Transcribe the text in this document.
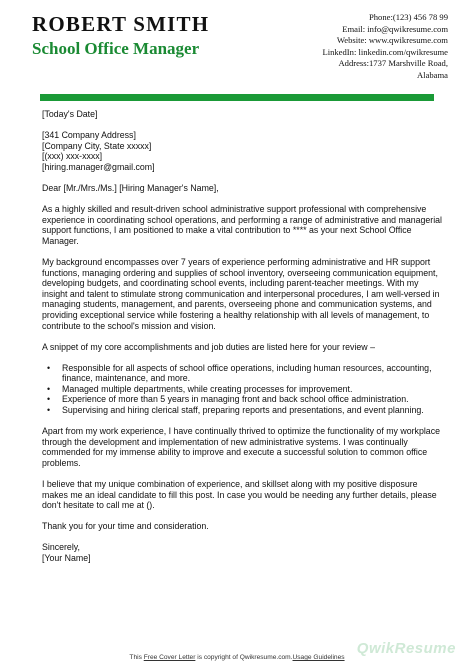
ROBERT SMITH
School Office Manager
Phone:(123) 456 78 99
Email: info@qwikresume.com
Website: www.qwikresume.com
LinkedIn: linkedin.com/qwikresume
Address:1737 Marshville Road,
Alabama
[Today's Date]
[341 Company Address]
[Company City, State xxxxx]
[(xxx) xxx-xxxx]
[hiring.manager@gmail.com]
Dear [Mr./Mrs./Ms.] [Hiring Manager's Name],
As a highly skilled and result-driven school administrative support professional with comprehensive experience in coordinating school operations, and performing a range of administrative and managerial support functions, I am positioned to make a vital contribution to **** as your next School Office Manager.
My background encompasses over 7 years of experience performing administrative and HR support functions, managing ordering and supplies of school inventory, overseeing communication equipment, developing budgets, and coordinating school events, including parent-teacher meetings. With my insight and talent to stimulate strong communication and interpersonal procedures, I am well-versed in managing students, management, and parents, overseeing phone and communication systems, and providing exceptional service while fostering a healthy relationship with all levels of management, to contribute to the school's mission and vision.
A snippet of my core accomplishments and job duties are listed here for your review –
• Responsible for all aspects of school office operations, including human resources, accounting, finance, maintenance, and more.
• Managed multiple departments, while creating processes for improvement.
• Experience of more than 5 years in managing front and back school office administration.
• Supervising and hiring clerical staff, preparing reports and presentations, and event planning.
Apart from my work experience, I have continually thrived to optimize the functionality of my workplace through the development and implementation of new administrative systems. I was continually commended for my immense ability to improve and execute a successful solution to common office problems.
I believe that my unique combination of experience, and skillset along with my positive disposure makes me an ideal candidate to fill this post. In case you would be needing any further details, please don't hesitate to call me at ().
Thank you for your time and consideration.
Sincerely,
[Your Name]
QwikResume
This Free Cover Letter is copyright of Qwikresume.com.Usage Guidelines
